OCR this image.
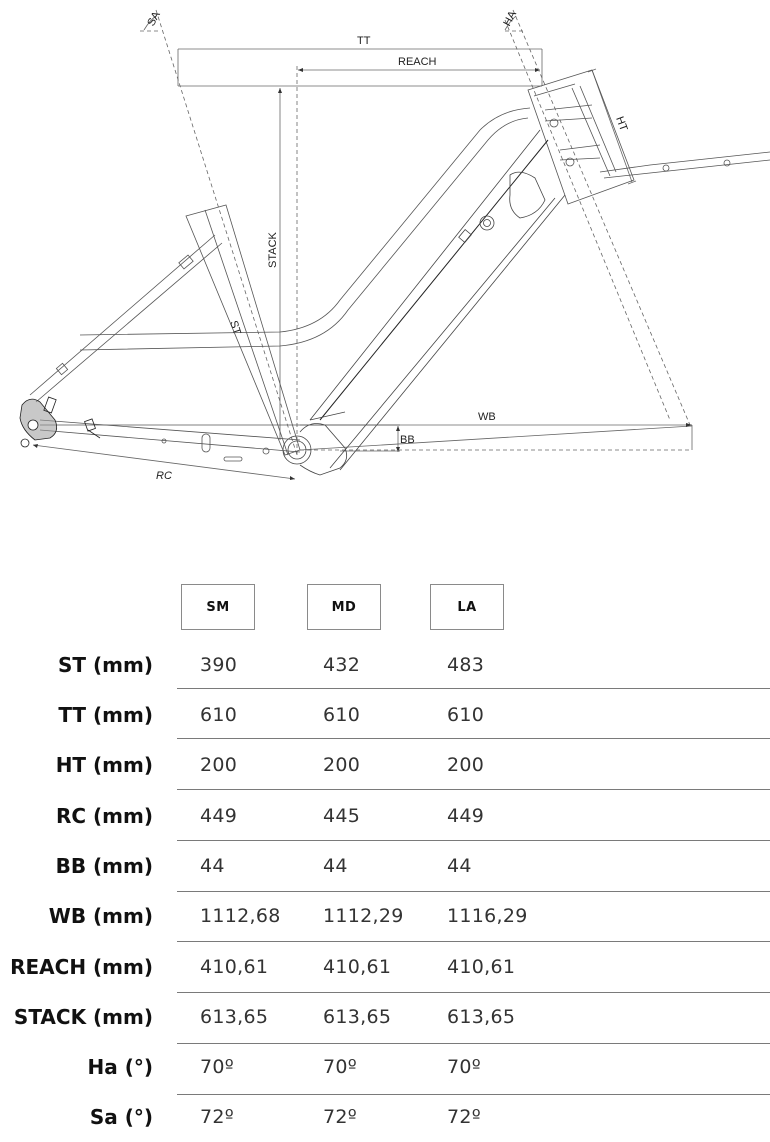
SA	HA
TT
REACH
HT
STACK
ST
BB
WB
RC
SM	MD	LA
ST (mm) 390	432	483
TT (mm) 610	610	610
HT (mm) 200	200	200
RC (mm) 449	445	449
BB (mm) 44	44	44
WB (mm) 1112,68 1112,29 1116,29
REACH (mm) 410,61	410,61	410,61
STACK (mm) 613,65	613,65	613,65
Ha (°) 70º	70º	70º
Sa (°) 72º	72º	72º
